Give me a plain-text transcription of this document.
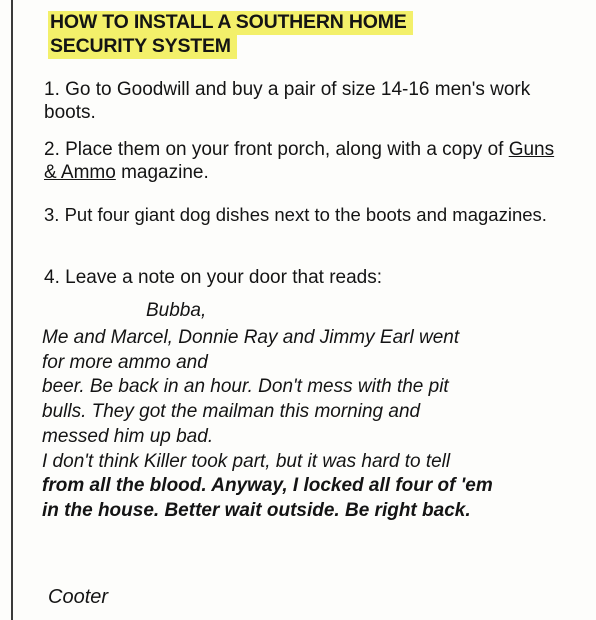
HOW TO INSTALL A SOUTHERN HOME SECURITY SYSTEM
1. Go to Goodwill and buy a pair of size 14-16 men's work boots.
2. Place them on your front porch, along with a copy of Guns & Ammo magazine.
3. Put four giant dog dishes next to the boots and magazines.
4. Leave a note on your door that reads:
Bubba,
Me and Marcel, Donnie Ray and Jimmy Earl went
for more ammo and
beer. Be back in an hour. Don't mess with the pit
bulls. They got the mailman this morning and
messed him up bad.
I don't think Killer took part, but it was hard to tell
from all the blood. Anyway, I locked all four of 'em
in the house. Better wait outside. Be right back.
Cooter
